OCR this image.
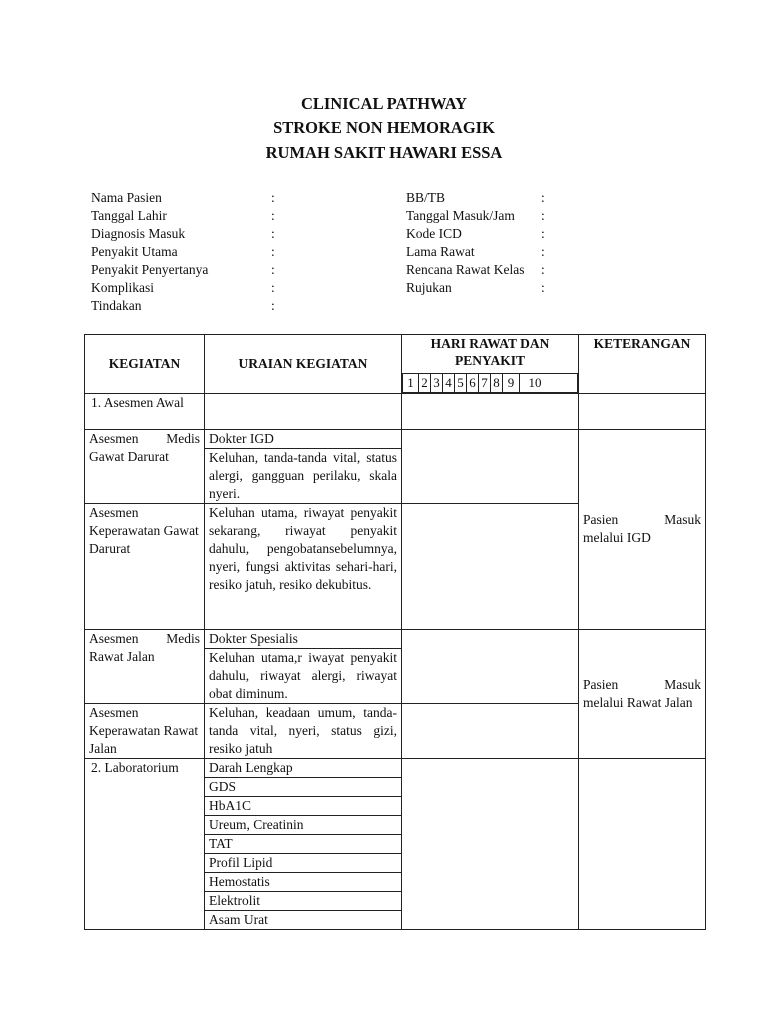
CLINICAL PATHWAY
STROKE NON HEMORAGIK
RUMAH SAKIT HAWARI ESSA
Nama Pasien	:
Tanggal Lahir	:
Diagnosis Masuk	:
Penyakit Utama	:
Penyakit Penyertanya	:
Komplikasi	:
Tindakan	:
BB/TB	:
Tanggal Masuk/Jam :
Kode ICD	:
Lama Rawat	:
Rencana Rawat Kelas :
Rujukan	:
KEGIATAN	URAIAN KEGIATAN	HARI RAWAT DAN PENYAKIT	KETERANGAN

1 2 3 4 5 6 7 8 9	10

1. Asesmen Awal			
Asesmen Medis Gawat Darurat	Dokter IGD		Pasien Masuk melalui IGD
	Keluhan, tanda-tanda vital, status alergi, gangguan perilaku, skala nyeri.		
Asesmen Keperawatan Gawat Darurat	Keluhan utama, riwayat penyakit sekarang, riwayat penyakit dahulu, pengobatansebelumnya, nyeri, fungsi aktivitas sehari-hari, resiko jatuh, resiko dekubitus.		

Asesmen Medis Rawat Jalan	Dokter Spesialis		Pasien Masuk melalui Rawat Jalan
	Keluhan utama,r iwayat penyakit dahulu, riwayat alergi, riwayat obat diminum.		
Asesmen Keperawatan Rawat Jalan	Keluhan, keadaan umum, tanda-tanda vital, nyeri, status gizi, resiko jatuh		
2. Laboratorium	Darah Lengkap		
	GDS		
	HbA1C		
	Ureum, Creatinin		
	TAT		
	Profil Lipid		
	Hemostatis		
	Elektrolit		
	Asam Urat		
